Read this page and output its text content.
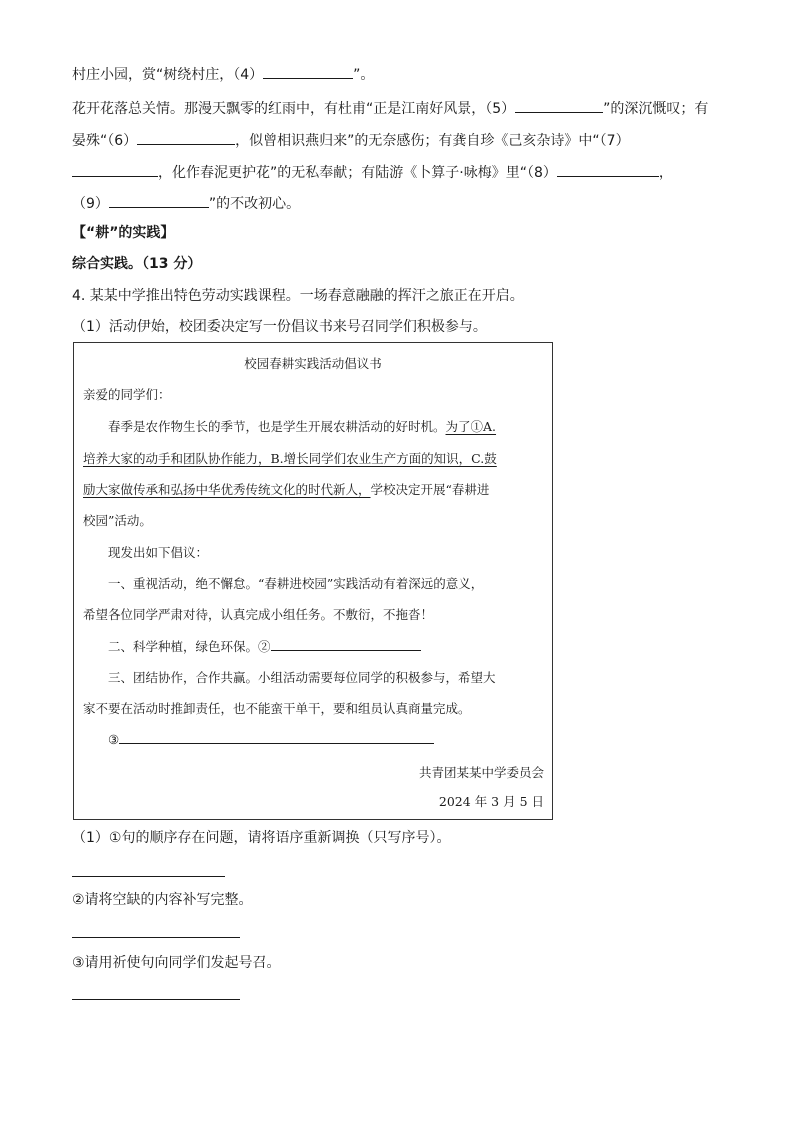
村庄小园，赏“树绕村庄，（4）	”。
花开花落总关情。那漫天飘零的红雨中，有杜甫“正是江南好风景，（5）	”的深沉慨叹；有
晏殊“（6）	，似曾相识燕归来”的无奈感伤；有龚自珍《己亥杂诗》中“（7）
，化作春泥更护花”的无私奉献；有陆游《卜算子·咏梅》里“（8）	，
（9）	”的不改初心。
【“耕”的实践】
综合实践。（13 分）
4. 某某中学推出特色劳动实践课程。一场春意融融的挥汗之旅正在开启。
（1）活动伊始，校团委决定写一份倡议书来号召同学们积极参与。
校园春耕实践活动倡议书
亲爱的同学们：
春季是农作物生长的季节，也是学生开展农耕活动的好时机。为了①A.
培养大家的动手和团队协作能力，B.增长同学们农业生产方面的知识，C.鼓
励大家做传承和弘扬中华优秀传统文化的时代新人，学校决定开展“春耕进
校园”活动。
现发出如下倡议：
一、重视活动，绝不懈怠。“春耕进校园”实践活动有着深远的意义，
希望各位同学严肃对待，认真完成小组任务。不敷衍，不拖沓！
二、科学种植，绿色环保。②
三、团结协作，合作共赢。小组活动需要每位同学的积极参与，希望大
家不要在活动时推卸责任，也不能蛮干单干，要和组员认真商量完成。
③
共青团某某中学委员会
2024 年 3 月 5 日
（1）①句的顺序存在问题，请将语序重新调换（只写序号）。
②请将空缺的内容补写完整。
③请用祈使句向同学们发起号召。
